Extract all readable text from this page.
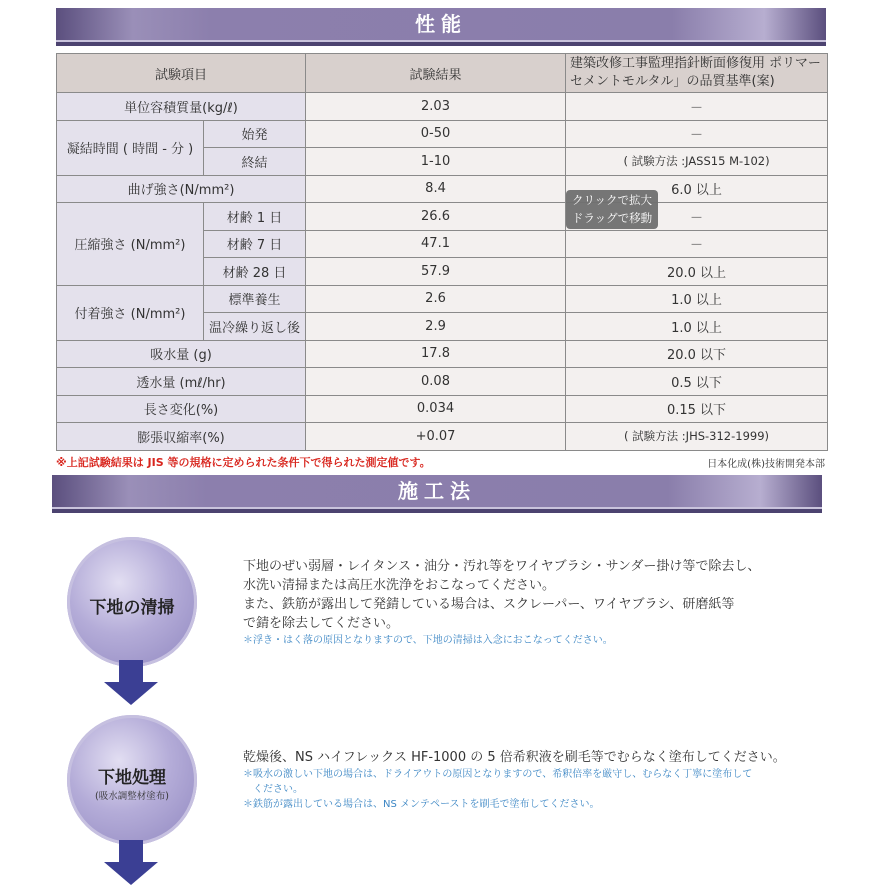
性能
試験項目		試験結果	建築改修工事監理指針断面修復用 ポリマーセメントモルタル」の品質基準(案)
単位容積質量(kg/ℓ)		2.03	－
凝結時間 ( 時間 - 分 )	始発	0-50	－
	終結	1-10	( 試験方法 :JASS15 M-102)
曲げ強さ(N/mm²)		8.4	6.0 以上
圧縮強さ (N/mm²)	材齢 1 日	26.6	－
	材齢 7 日	47.1	－
	材齢 28 日	57.9	20.0 以上
付着強さ (N/mm²)	標準養生	2.6	1.0 以上
	温冷繰り返し後	2.9	1.0 以上
吸水量 (g)		17.8	20.0 以下
透水量 (mℓ/hr)		0.08	0.5 以下
長さ変化(%)		0.034	0.15 以下
膨張収縮率(%)		+0.07	( 試験方法 :JHS-312-1999)
※上記試験結果は JIS 等の規格に定められた条件下で得られた測定値です。	日本化成(株)技術開発本部
クリックで拡大
ドラッグで移動
施工法
下地の清掃
下地のぜい弱層・レイタンス・油分・汚れ等をワイヤブラシ・サンダー掛け等で除去し、
水洗い清掃または高圧水洗浄をおこなってください。
また、鉄筋が露出して発錆している場合は、スクレーパー、ワイヤブラシ、研磨紙等
で錆を除去してください。
＊浮き・はく落の原因となりますので、下地の清掃は入念におこなってください。
下地処理
(吸水調整材塗布)
乾燥後、NS ハイフレックス HF-1000 の 5 倍希釈液を刷毛等でむらなく塗布してください。
＊吸水の激しい下地の場合は、ドライアウトの原因となりますので、希釈倍率を厳守し、むらなく丁寧に塗布して
　ください。
＊鉄筋が露出している場合は、NS メンテペーストを刷毛で塗布してください。
